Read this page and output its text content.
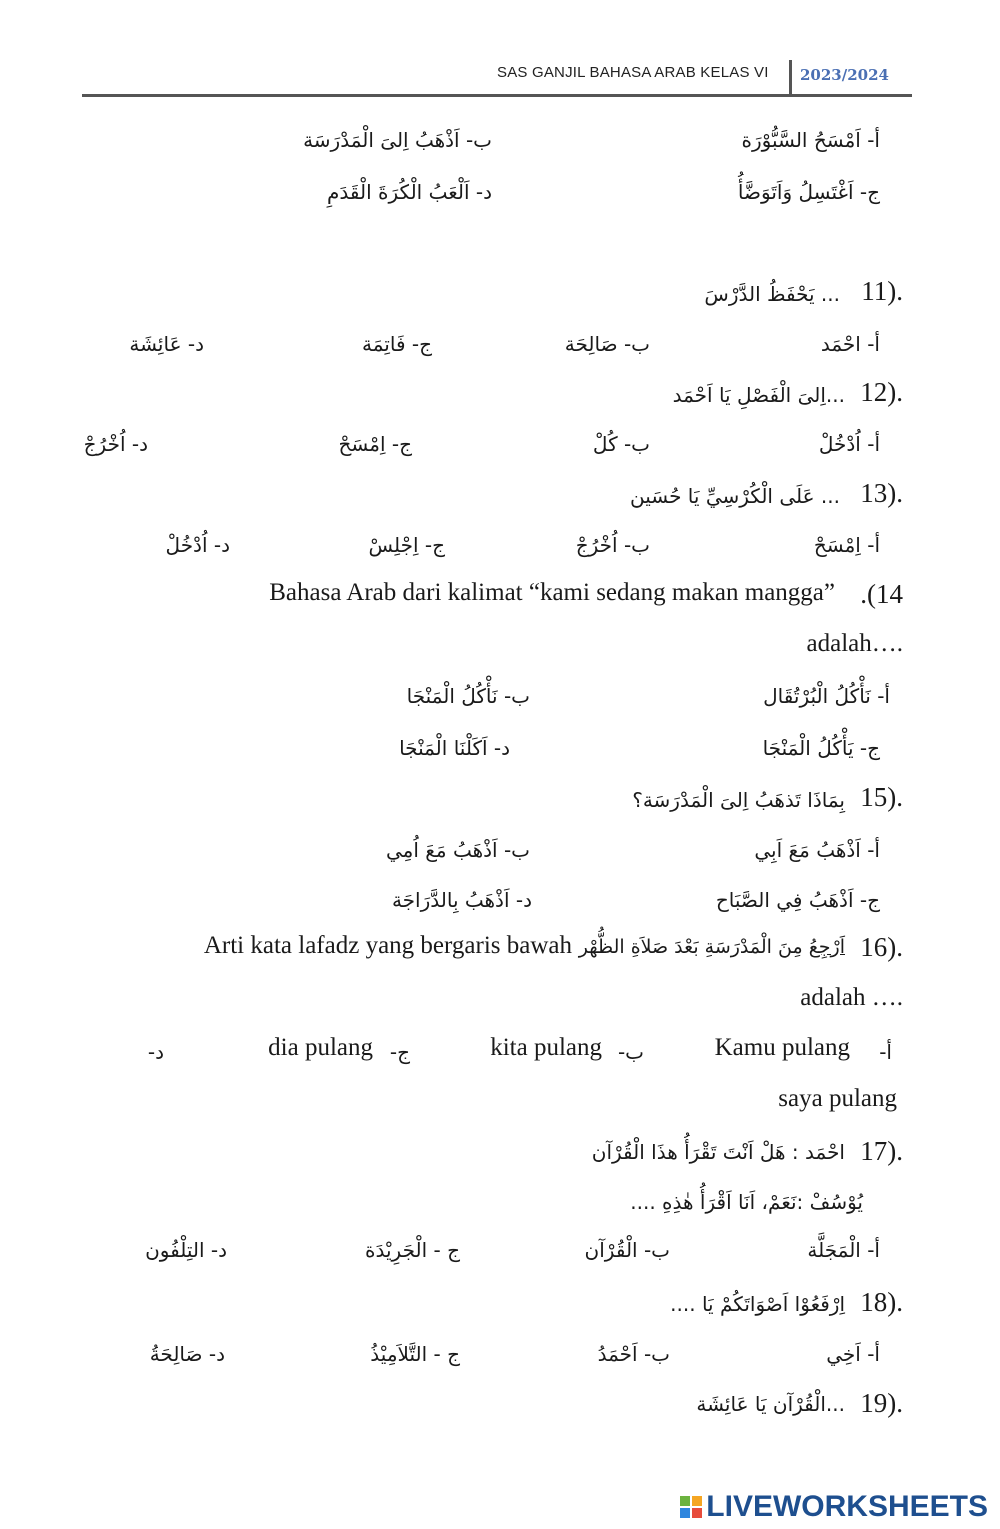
SAS GANJIL BAHASA ARAB KELAS VI 2023/2024
أ- اَمْسَحُ السَّبُّوْرَة
ب- اَذْهَبُ اِلىَ الْمَدْرَسَة
ج- اَغْتَسِلُ وَاَتَوَضَّأُ
د- اَلْعَبُ الْكُرَةَ الْقَدَمِ
11).
... يَحْفَظُ الدَّرْسَ
أ- احْمَد
ب- صَالِحَة
ج- فَاتِمَة
د- عَائِشَة
12).
...اِلىَ الْفَصْلِ يَا اَحْمَد
أ- اُدْخُلْ
ب- كُلْ
ج- اِمْسَحْ
د- اُخْرُجْ
13).
... عَلَى الْكُرْسِيِّ يَا حُسَين
أ- اِمْسَحْ
ب- اُخْرُجْ
ج- اِجْلِسْ
د- اُدْخُلْ
.(14
Bahasa Arab dari kalimat “kami sedang makan mangga”
adalah….
أ- نَأْكُلُ الْبُرْتُقَال
ب- نَأْكُلُ الْمَنْجَا
ج- يَأْكُلُ الْمَنْجَا
د- اَكَلْنَا الْمَنْجَا
15).
بِمَاذَا تَذهَبُ اِلىَ الْمَدْرَسَة؟
أ- اَذْهَبُ مَعَ اَبِي
ب- اَذْهَبُ مَعَ اُمِي
ج- اَذْهَبُ فِي الصَّبَاح
د- اَذْهَبُ بِالدَّرَاجَة
16).
اَرْجِعُ مِنَ الْمَدْرَسَةِ بَعْدَ صَلاَةِ الظُّهْر
Arti kata lafadz yang bergaris bawah
adalah ….
أ-
Kamu pulang
ب-
kita pulang
ج-
dia pulang
د-
saya pulang
17).
احْمَد : هَلْ اَنْتَ تَقْرَأُ هذَا الْقُرْآن
يُوْسُفْ :نَعَمْ، اَنَا اَقْرَأُ هٰذِهِ ....
أ- الْمَجَلَّة
ب- الْقُرْآن
ج - الْجَرِيْدَة
د- التِلْفُون
18).
اِرْفَعُوْا اَصْوَاتَكُمْ يَا ....
أ- اَخِي
ب- اَحْمَدُ
ج - التَّلاَمِيْذُ
د- صَالِحَةُ
19).
...الْقُرْآن يَا عَائِشَة
LIVEWORKSHEETS
